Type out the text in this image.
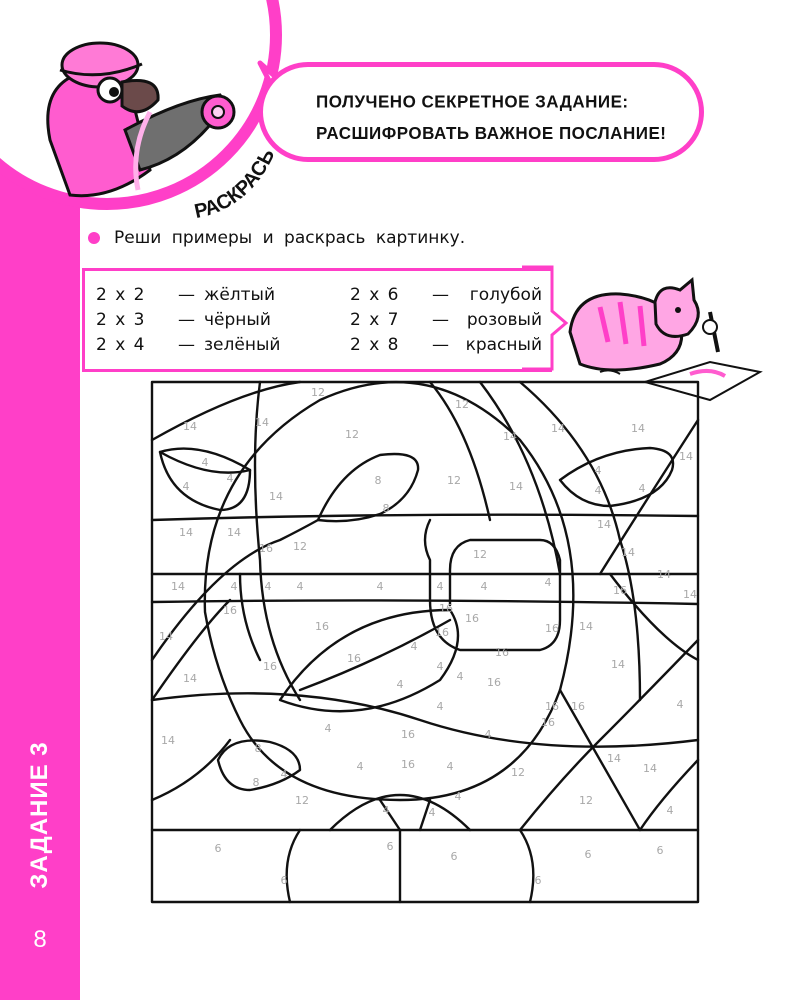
ЗАДАНИЕ 3
8
РАСКРАСЬ
ПОЛУЧЕНО СЕКРЕТНОЕ ЗАДАНИЕ:
РАСШИФРОВАТЬ ВАЖНОЕ ПОСЛАНИЕ!
Реши примеры и раскрась картинку.
2 x 2	— жёлтый
2 x 3	— чёрный
2 x 4	— зелёный
2 x 6	—	голубой
2 x 7	—	розовый
2 x 8	— красный
12
12
14
14
12	14
14	14
14
4
4
4	8
8
12	14
4
4	4
14
14	14
16 12
14
12	14
14	4 4 4	4	4	4	4
16
14
14
16	16
16
16	16	16 14
14
4	16
16
14
16
4
4
4 16
14
4
4	16 16
14
4	16	4
16
8
8
4	16	4	12
14
14
4
12	4
4	4
12
4
6	6
6	6	6
6	6
